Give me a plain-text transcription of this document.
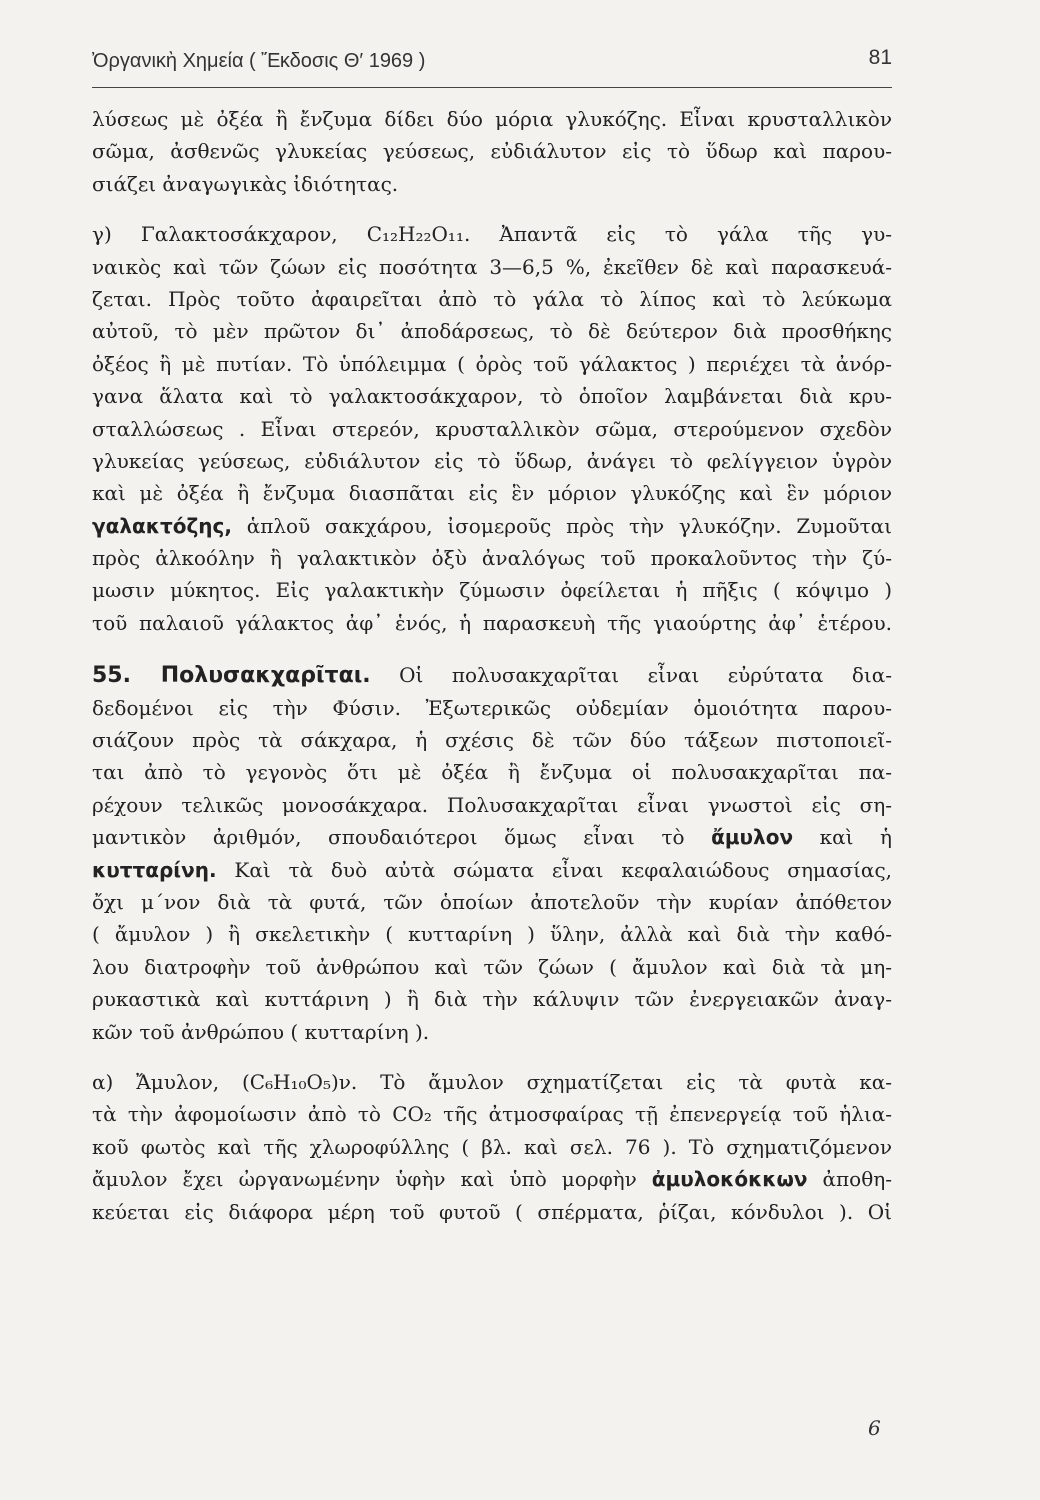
Ὀργανικὴ Χημεία ( Ἔκδοσις Θ′ 1969 )	81
λύσεως μὲ ὀξέα ἢ ἔνζυμα δίδει δύο μόρια γλυκόζης. Εἶναι κρυσταλλικὸν
σῶμα, ἀσθενῶς γλυκείας γεύσεως, εὐδιάλυτον εἰς τὸ ὕδωρ καὶ παρου-
σιάζει ἀναγωγικὰς ἰδιότητας.
γ) Γαλακτοσάκχαρον, C₁₂H₂₂O₁₁. Ἀπαντᾶ εἰς τὸ γάλα τῆς γυ-
ναικὸς καὶ τῶν ζώων εἰς ποσότητα 3—6,5 %, ἐκεῖθεν δὲ καὶ παρασκευά-
ζεται. Πρὸς τοῦτο ἀφαιρεῖται ἀπὸ τὸ γάλα τὸ λίπος καὶ τὸ λεύκωμα
αὐτοῦ, τὸ μὲν πρῶτον δι᾽ ἀποδάρσεως, τὸ δὲ δεύτερον διὰ προσθήκης
ὀξέος ἢ μὲ πυτίαν. Τὸ ὑπόλειμμα ( ὀρὸς τοῦ γάλακτος ) περιέχει τὰ ἀνόρ-
γανα ἅλατα καὶ τὸ γαλακτοσάκχαρον, τὸ ὁποῖον λαμβάνεται διὰ κρυ-
σταλλώσεως . Εἶναι στερεόν, κρυσταλλικὸν σῶμα, στερούμενον σχεδὸν
γλυκείας γεύσεως, εὐδιάλυτον εἰς τὸ ὕδωρ, ἀνάγει τὸ φελίγγειον ὑγρὸν
καὶ μὲ ὀξέα ἢ ἔνζυμα διασπᾶται εἰς ἓν μόριον γλυκόζης καὶ ἓν μόριον
γαλακτόζης, ἁπλοῦ σακχάρου, ἰσομεροῦς πρὸς τὴν γλυκόζην. Ζυμοῦται
πρὸς ἀλκοόλην ἢ γαλακτικὸν ὀξὺ ἀναλόγως τοῦ προκαλοῦντος τὴν ζύ-
μωσιν μύκητος. Εἰς γαλακτικὴν ζύμωσιν ὀφείλεται ἡ πῆξις ( κόψιμο )
τοῦ παλαιοῦ γάλακτος ἀφ᾽ ἑνός, ἡ παρασκευὴ τῆς γιαούρτης ἀφ᾽ ἑτέρου.
55. Πολυσακχαρῖται. Οἱ πολυσακχαρῖται εἶναι εὐρύτατα δια-
δεδομένοι εἰς τὴν Φύσιν. Ἐξωτερικῶς οὐδεμίαν ὁμοιότητα παρου-
σιάζουν πρὸς τὰ σάκχαρα, ἡ σχέσις δὲ τῶν δύο τάξεων πιστοποιεῖ-
ται ἀπὸ τὸ γεγονὸς ὅτι μὲ ὀξέα ἢ ἔνζυμα οἱ πολυσακχαρῖται πα-
ρέχουν τελικῶς μονοσάκχαρα. Πολυσακχαρῖται εἶναι γνωστοὶ εἰς ση-
μαντικὸν ἀριθμόν, σπουδαιότεροι ὅμως εἶναι τὸ ἄμυλον καὶ ἡ
κυτταρίνη. Καὶ τὰ δυὸ αὐτὰ σώματα εἶναι κεφαλαιώδους σημασίας,
ὄχι μ΄νον διὰ τὰ φυτά, τῶν ὁποίων ἀποτελοῦν τὴν κυρίαν ἀπόθετον
( ἄμυλον ) ἢ σκελετικὴν ( κυτταρίνη ) ὕλην, ἀλλὰ καὶ διὰ τὴν καθό-
λου διατροφὴν τοῦ ἀνθρώπου καὶ τῶν ζώων ( ἄμυλον καὶ διὰ τὰ μη-
ρυκαστικὰ καὶ κυττάρινη ) ἢ διὰ τὴν κάλυψιν τῶν ἐνεργειακῶν ἀναγ-
κῶν τοῦ ἀνθρώπου ( κυτταρίνη ).
α) Ἄμυλον, (C₆H₁₀O₅)ν. Τὸ ἄμυλον σχηματίζεται εἰς τὰ φυτὰ κα-
τὰ τὴν ἀφομοίωσιν ἀπὸ τὸ CO₂ τῆς ἀτμοσφαίρας τῇ ἐπενεργείᾳ τοῦ ἡλια-
κοῦ φωτὸς καὶ τῆς χλωροφύλλης ( βλ. καὶ σελ. 76 ). Τὸ σχηματιζόμενον
ἄμυλον ἔχει ὠργανωμένην ὑφὴν καὶ ὑπὸ μορφὴν ἀμυλοκόκκων ἀποθη-
κεύεται εἰς διάφορα μέρη τοῦ φυτοῦ ( σπέρματα, ῥίζαι, κόνδυλοι ). Οἱ
6
